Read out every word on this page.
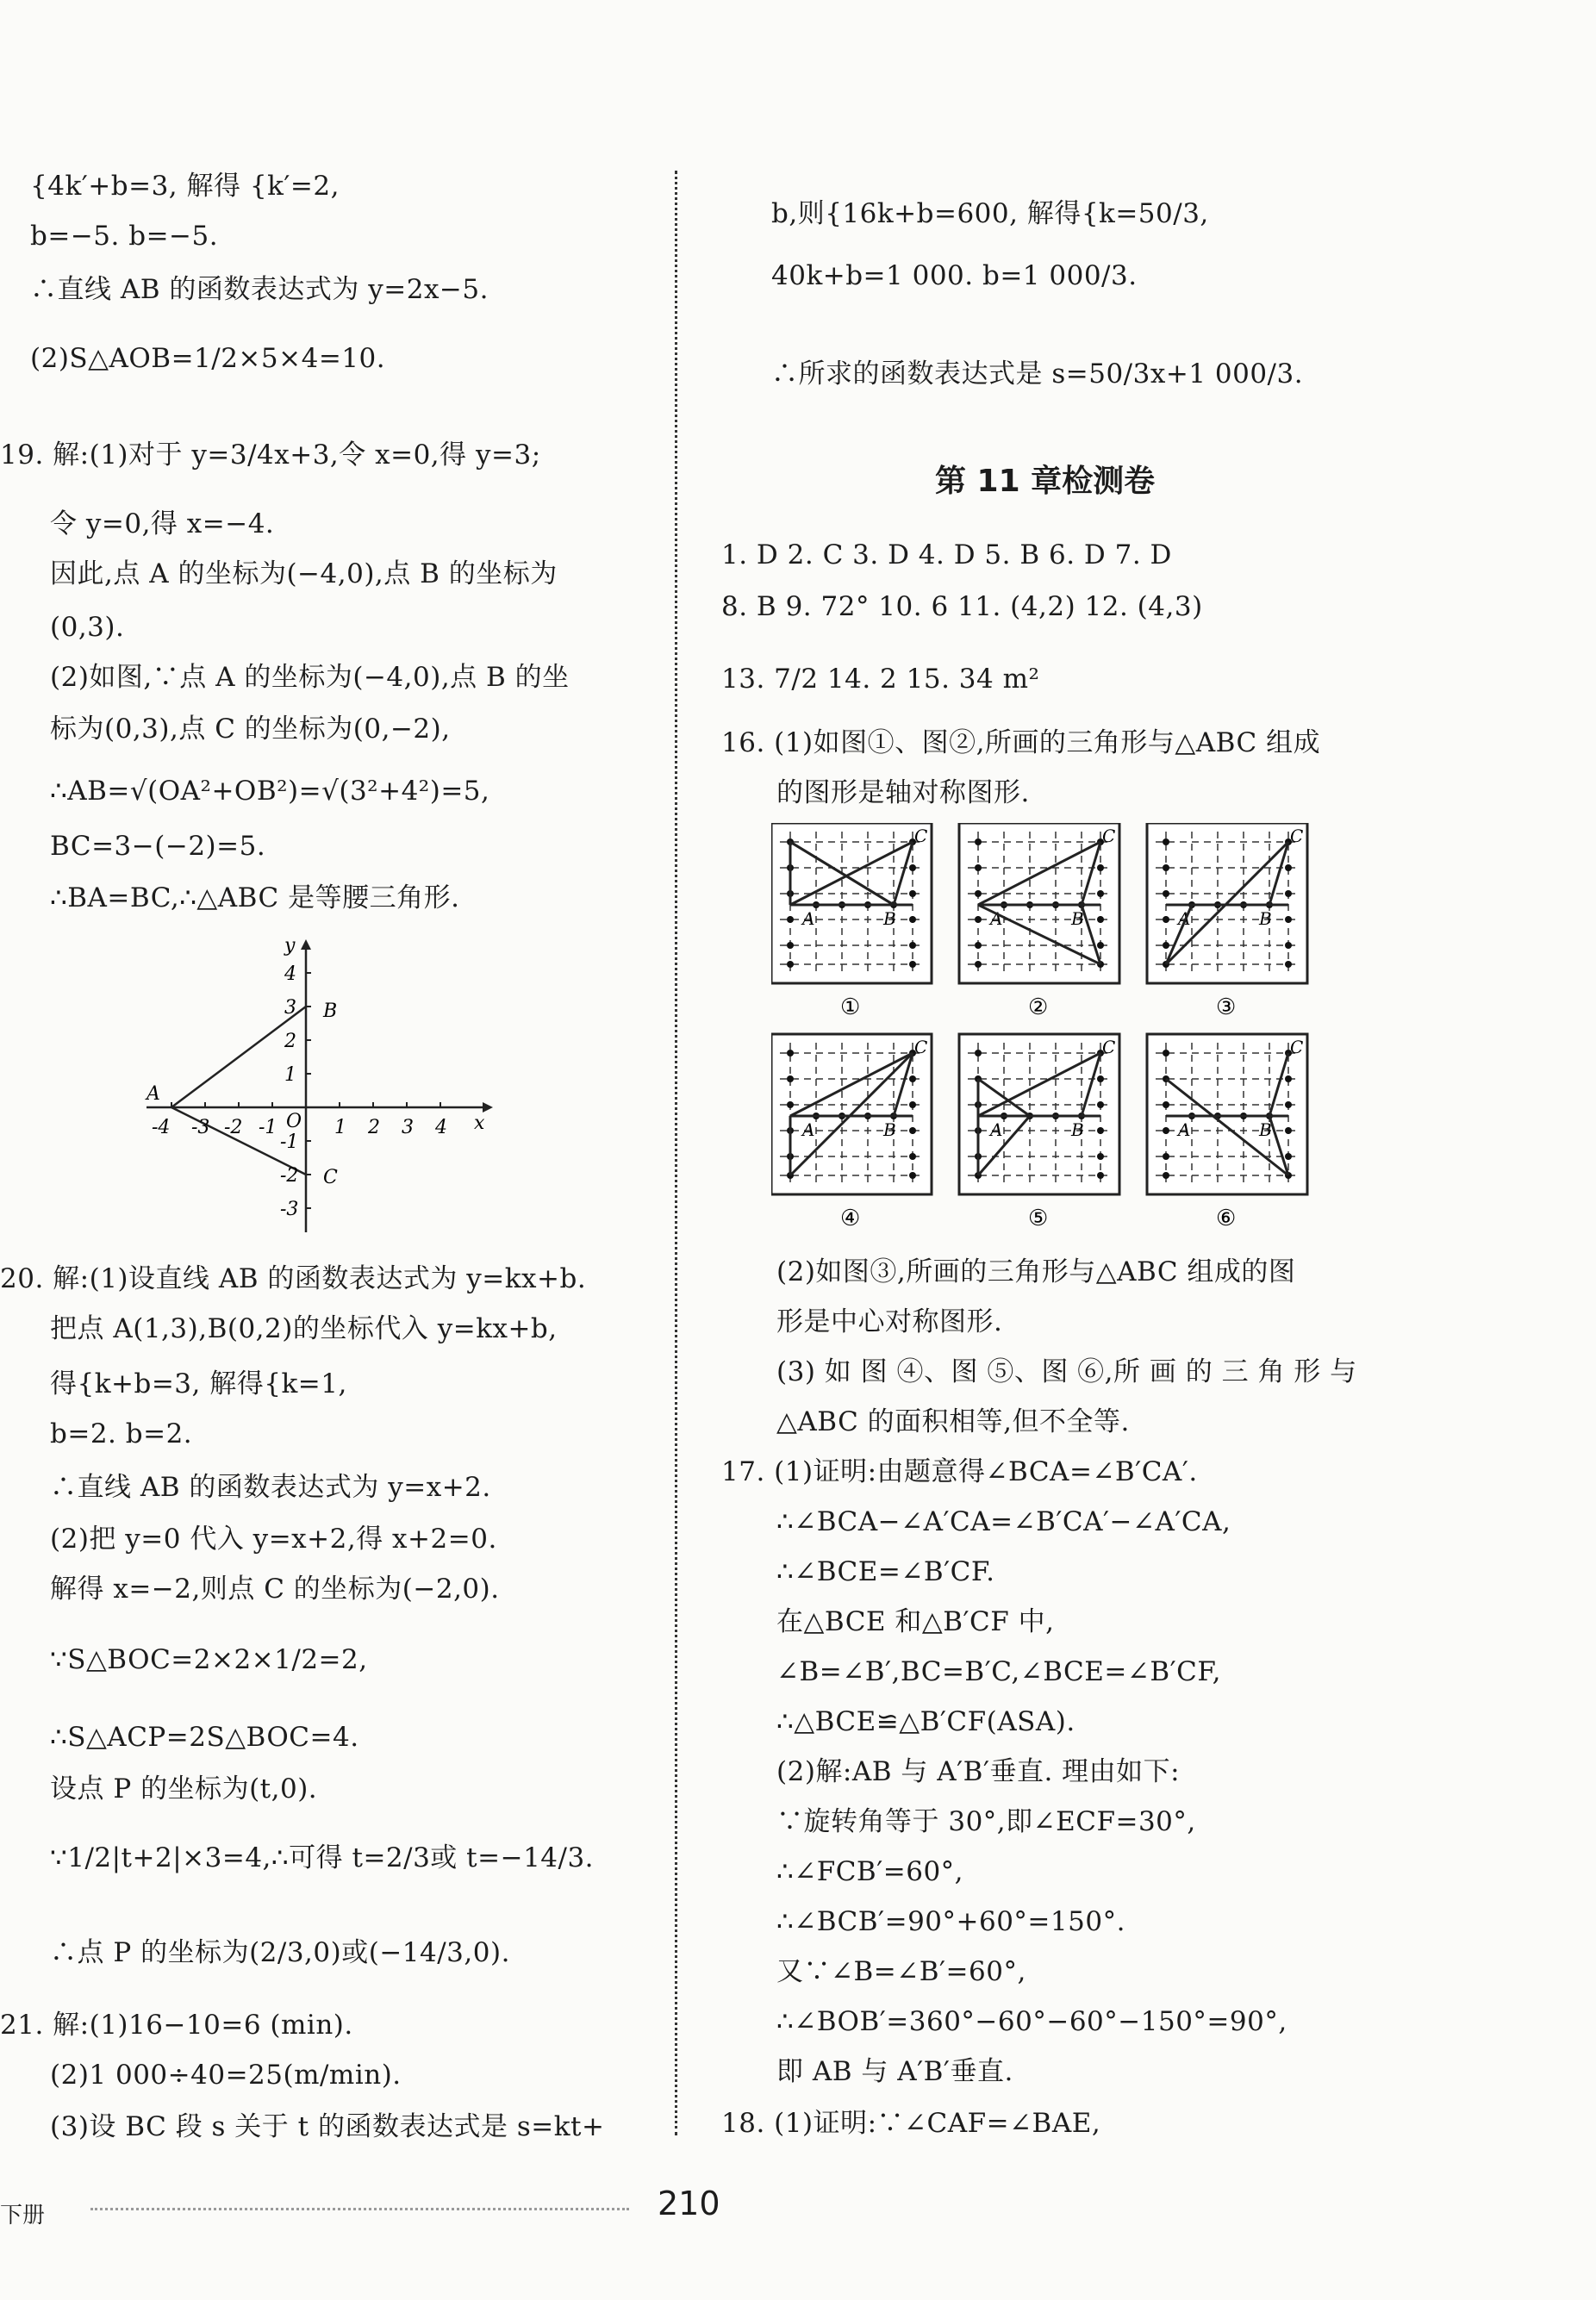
{4k′+b=3, 解得 {k′=2,
b=−5. b=−5.
∴直线 AB 的函数表达式为 y=2x−5.
(2)S△AOB=1/2×5×4=10.
19. 解:(1)对于 y=3/4x+3,令 x=0,得 y=3;
令 y=0,得 x=−4.
因此,点 A 的坐标为(−4,0),点 B 的坐标为
(0,3).
(2)如图,∵点 A 的坐标为(−4,0),点 B 的坐
标为(0,3),点 C 的坐标为(0,−2),
∴AB=√(OA²+OB²)=√(3²+4²)=5,
BC=3−(−2)=5.
∴BA=BC,∴△ABC 是等腰三角形.
-4 -3 -2 -1	1 2 3 4
4
3
2
1
-1
-2
-3
x
y
O
A
B
C
20. 解:(1)设直线 AB 的函数表达式为 y=kx+b.
把点 A(1,3),B(0,2)的坐标代入 y=kx+b,
得{k+b=3, 解得{k=1,
b=2. b=2.
∴直线 AB 的函数表达式为 y=x+2.
(2)把 y=0 代入 y=x+2,得 x+2=0.
解得 x=−2,则点 C 的坐标为(−2,0).
∵S△BOC=2×2×1/2=2,
∴S△ACP=2S△BOC=4.
设点 P 的坐标为(t,0).
∵1/2|t+2|×3=4,∴可得 t=2/3或 t=−14/3.
∴点 P 的坐标为(2/3,0)或(−14/3,0).
21. 解:(1)16−10=6 (min).
(2)1 000÷40=25(m/min).
(3)设 BC 段 s 关于 t 的函数表达式是 s=kt+
b,则{16k+b=600, 解得{k=50/3,
40k+b=1 000. b=1 000/3.
∴所求的函数表达式是 s=50/3x+1 000/3.
第 11 章检测卷
1. D 2. C 3. D 4. D 5. B 6. D 7. D
8. B 9. 72° 10. 6 11. (4,2) 12. (4,3)
13. 7/2 14. 2 15. 34 m²
16. (1)如图①、图②,所画的三角形与△ABC 组成
的图形是轴对称图形.
①	②	③
④	⑤	⑥
(2)如图③,所画的三角形与△ABC 组成的图
形是中心对称图形.
(3) 如 图 ④、图 ⑤、图 ⑥,所 画 的 三 角 形 与
△ABC 的面积相等,但不全等.
17. (1)证明:由题意得∠BCA=∠B′CA′.
∴∠BCA−∠A′CA=∠B′CA′−∠A′CA,
∴∠BCE=∠B′CF.
在△BCE 和△B′CF 中,
∠B=∠B′,BC=B′C,∠BCE=∠B′CF,
∴△BCE≌△B′CF(ASA).
(2)解:AB 与 A′B′垂直. 理由如下:
∵旋转角等于 30°,即∠ECF=30°,
∴∠FCB′=60°,
∴∠BCB′=90°+60°=150°.
又∵∠B=∠B′=60°,
∴∠BOB′=360°−60°−60°−150°=90°,
即 AB 与 A′B′垂直.
18. (1)证明:∵∠CAF=∠BAE,
下册	210
